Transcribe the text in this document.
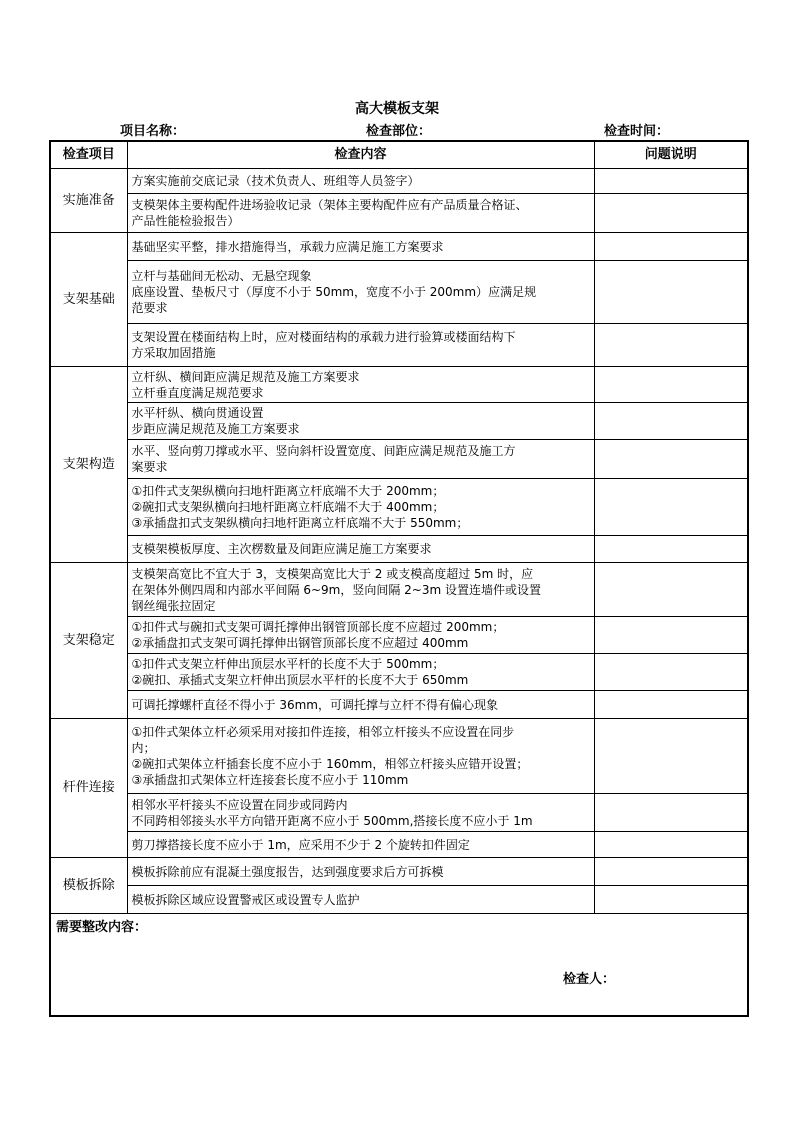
高大模板支架
项目名称：	检查部位：	检查时间：
检查项目	检查内容	问题说明
实施准备	方案实施前交底记录（技术负责人、班组等人员签字）	
	支模架体主要构配件进场验收记录（架体主要构配件应有产品质量合格证、
产品性能检验报告）	
支架基础	基础坚实平整，排水措施得当，承载力应满足施工方案要求	
	立杆与基础间无松动、无悬空现象
底座设置、垫板尺寸（厚度不小于 50mm，宽度不小于 200mm）应满足规
范要求	
	支架设置在楼面结构上时，应对楼面结构的承载力进行验算或楼面结构下
方采取加固措施	
支架构造	立杆纵、横间距应满足规范及施工方案要求
立杆垂直度满足规范要求	
	水平杆纵、横向贯通设置
步距应满足规范及施工方案要求	
	水平、竖向剪刀撑或水平、竖向斜杆设置宽度、间距应满足规范及施工方
案要求	
	①扣件式支架纵横向扫地杆距离立杆底端不大于 200mm；
②碗扣式支架纵横向扫地杆距离立杆底端不大于 400mm；
③承插盘扣式支架纵横向扫地杆距离立杆底端不大于 550mm；	
	支模架模板厚度、主次楞数量及间距应满足施工方案要求	
支架稳定	支模架高宽比不宜大于 3，支模架高宽比大于 2 或支模高度超过 5m 时，应
在架体外侧四周和内部水平间隔 6~9m，竖向间隔 2~3m 设置连墙件或设置
钢丝绳张拉固定	
	①扣件式与碗扣式支架可调托撑伸出钢管顶部长度不应超过 200mm；
②承插盘扣式支架可调托撑伸出钢管顶部长度不应超过 400mm	
	①扣件式支架立杆伸出顶层水平杆的长度不大于 500mm；
②碗扣、承插式支架立杆伸出顶层水平杆的长度不大于 650mm	
	可调托撑螺杆直径不得小于 36mm，可调托撑与立杆不得有偏心现象	
杆件连接	①扣件式架体立杆必须采用对接扣件连接，相邻立杆接头不应设置在同步
内；
②碗扣式架体立杆插套长度不应小于 160mm，相邻立杆接头应错开设置；
③承插盘扣式架体立杆连接套长度不应小于 110mm	
	相邻水平杆接头不应设置在同步或同跨内
不同跨相邻接头水平方向错开距离不应小于 500mm,搭接长度不应小于 1m	
	剪刀撑搭接长度不应小于 1m，应采用不少于 2 个旋转扣件固定	
模板拆除	模板拆除前应有混凝土强度报告，达到强度要求后方可拆模	
	模板拆除区域应设置警戒区或设置专人监护	

需要整改内容：

检查人：		
